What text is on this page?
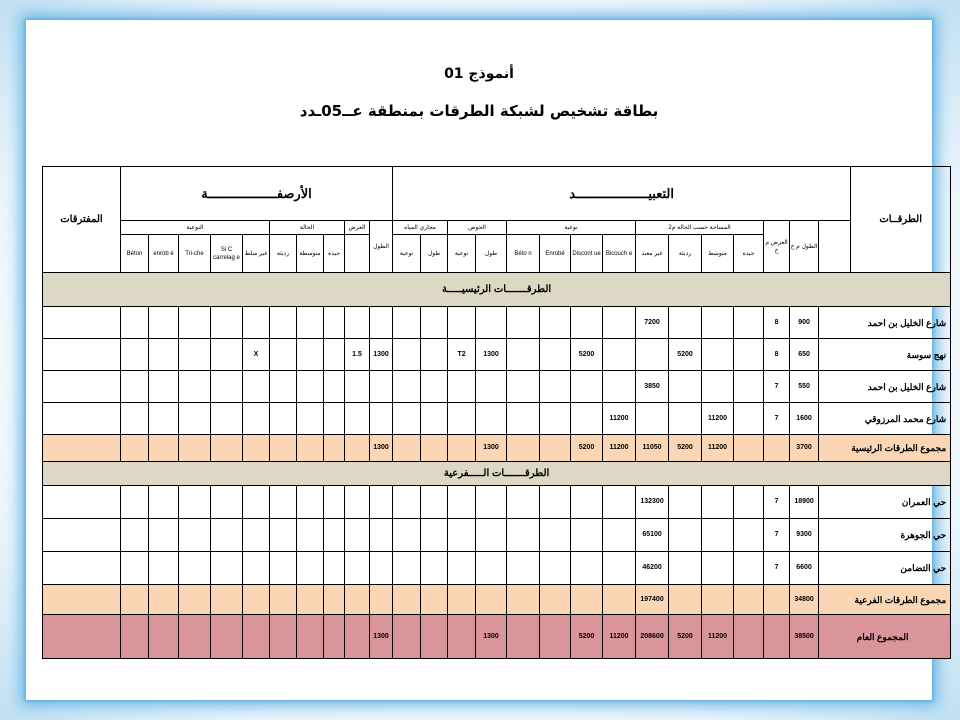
أنموذج 01
بطاقة تشخيص لشبكة الطرقات بمنطقة عــ05ـدد
المفترقات	الأرصفــــــــــــــــــة										التعبيـــــــــــــــــــد															الطرقــات
	النوعية					الحالة			العرض	الطول	مجاري المياه		الحوض		نوعية				المساحة حسب الحالة م2				العرض م خ	الطول م خ		
	Béton	enrob é	Tri-che	Si C carrelag e	غير مبلط	رديئة	متوسطة	جيدة			نوعية	طول	نوعية	طول	Béto n	Enrobé	Discont ue	Bicouch e	غير معبد	رديئة	متوسط	جيدة				
الطرقـــــــات الرئيسيـــــة																										
																			7200				8	900	شارع الخليل بن احمد	
					X				1.5	1300			T2	1300			5200			5200			8	650	نهج سوسة	
																			3850				7	550	شارع الخليل بن احمد	
																		11200			11200		7	1600	شارع محمد المرزوقي	
										1300				1300			5200	11200	11050	5200	11200			3700	مجموع الطرقات الرئيسية	
الطرقـــــــات الـــــفرعية																										
																			132300				7	18900	حي العمران	
																			65100				7	9300	حي الجوهرة	
																			46200				7	6600	حي التضامن	
																			197400					34800	مجموع الطرقات الفرعية	
										1300				1300			5200	11200	208600	5200	11200			38500	المجموع العام	
